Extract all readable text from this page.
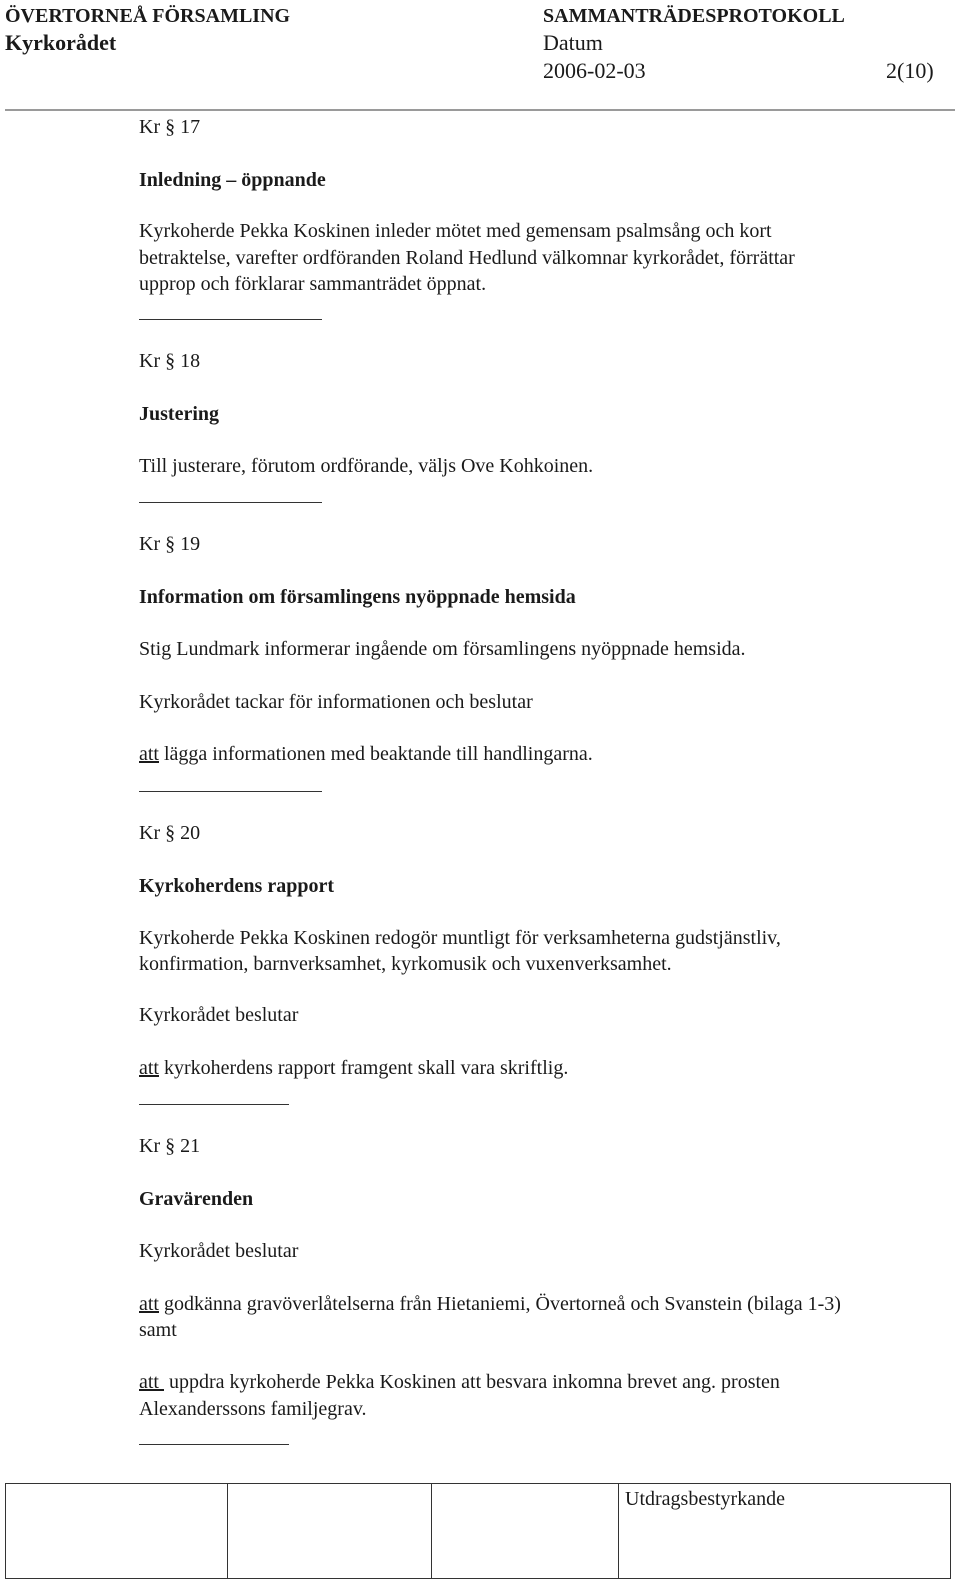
ÖVERTORNEÅ FÖRSAMLING
Kyrkorådet
SAMMANTRÄDESPROTOKOLL
Datum
2006-02-03	2(10)
Kr § 17
Inledning – öppnande
Kyrkoherde Pekka Koskinen inleder mötet med gemensam psalmsång och kort
betraktelse, varefter ordföranden Roland Hedlund välkomnar kyrkorådet, förrättar
upprop och förklarar sammanträdet öppnat.
Kr § 18
Justering
Till justerare, förutom ordförande, väljs Ove Kohkoinen.
Kr § 19
Information om församlingens nyöppnade hemsida
Stig Lundmark informerar ingående om församlingens nyöppnade hemsida.
Kyrkorådet tackar för informationen och beslutar
att lägga informationen med beaktande till handlingarna.
Kr § 20
Kyrkoherdens rapport
Kyrkoherde Pekka Koskinen redogör muntligt för verksamheterna gudstjänstliv,
konfirmation, barnverksamhet, kyrkomusik och vuxenverksamhet.
Kyrkorådet beslutar
att kyrkoherdens rapport framgent skall vara skriftlig.
Kr § 21
Gravärenden
Kyrkorådet beslutar
att godkänna gravöverlåtelserna från Hietaniemi, Övertorneå och Svanstein (bilaga 1-3)
samt
att  uppdra kyrkoherde Pekka Koskinen att besvara inkomna brevet ang. prosten
Alexanderssons familjegrav.
Utdragsbestyrkande
